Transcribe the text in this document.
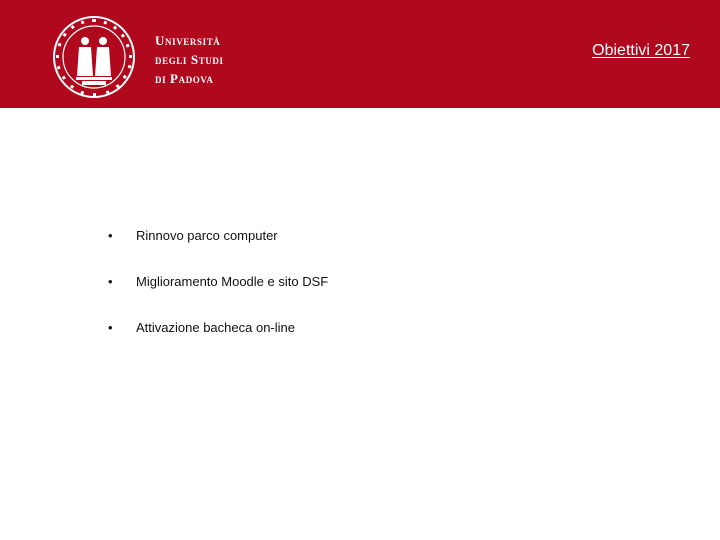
Università
degli Studi
di Padova
Obiettivi 2017
•	Rinnovo parco computer
•	Miglioramento Moodle e sito DSF
•	Attivazione bacheca on-line
